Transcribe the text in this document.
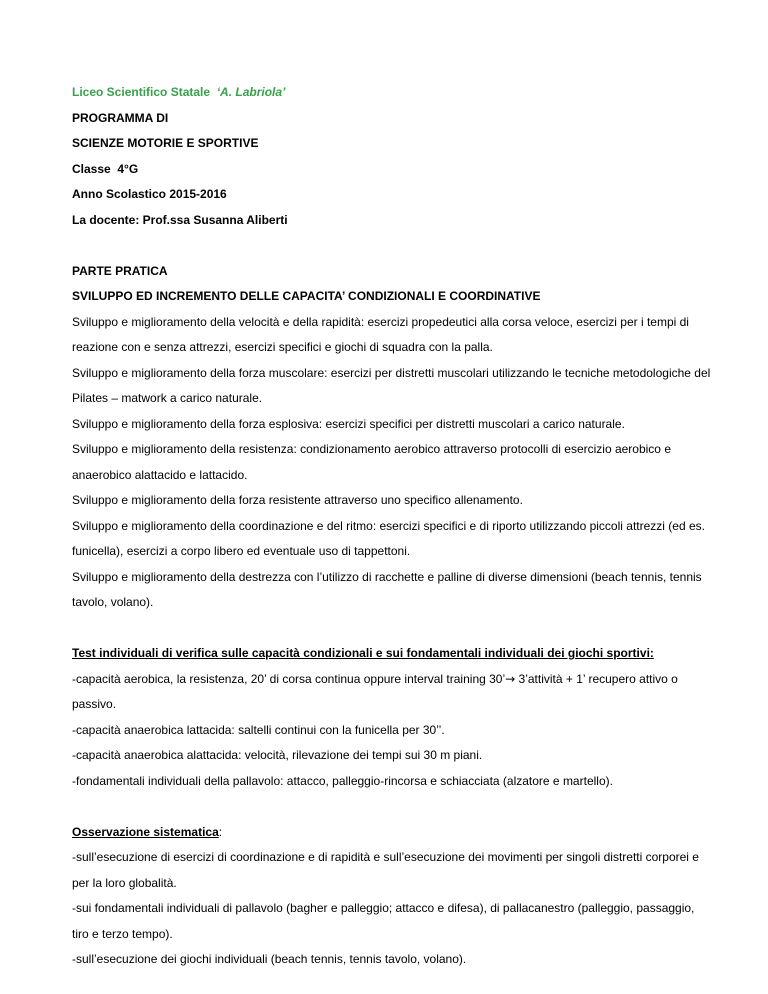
Liceo Scientifico Statale ‘A. Labriola’

PROGRAMMA DI

SCIENZE MOTORIE E SPORTIVE

Classe  4°G

Anno Scolastico 2015-2016

La docente: Prof.ssa Susanna Aliberti

PARTE PRATICA

SVILUPPO ED INCREMENTO DELLE CAPACITA’ CONDIZIONALI E COORDINATIVE

Sviluppo e miglioramento della velocità e della rapidità: esercizi propedeutici alla corsa veloce, esercizi per i tempi di reazione con e senza attrezzi, esercizi specifici e giochi di squadra con la palla.

Sviluppo e miglioramento della forza muscolare: esercizi per distretti muscolari utilizzando le tecniche metodologiche del Pilates – matwork a carico naturale.

Sviluppo e miglioramento della forza esplosiva: esercizi specifici per distretti muscolari a carico naturale.

Sviluppo e miglioramento della resistenza: condizionamento aerobico attraverso protocolli di esercizio aerobico e anaerobico alattacido e lattacido.

Sviluppo e miglioramento della forza resistente attraverso uno specifico allenamento.

Sviluppo e miglioramento della coordinazione e del ritmo: esercizi specifici e di riporto utilizzando piccoli attrezzi (ed es. funicella), esercizi a corpo libero ed eventuale uso di tappettoni.

Sviluppo e miglioramento della destrezza con l’utilizzo di racchette e palline di diverse dimensioni (beach tennis, tennis tavolo, volano).

Test individuali di verifica sulle capacità condizionali e sui fondamentali individuali dei giochi sportivi:

-capacità aerobica, la resistenza, 20’ di corsa continua oppure interval training 30’→ 3’attività + 1’ recupero attivo o passivo.

-capacità anaerobica lattacida: saltelli continui con la funicella per 30’’.

-capacità anaerobica alattacida: velocità, rilevazione dei tempi sui 30 m piani.

-fondamentali individuali della pallavolo: attacco, palleggio-rincorsa e schiacciata (alzatore e martello).

Osservazione sistematica:

-sull’esecuzione di esercizi di coordinazione e di rapidità e sull’esecuzione dei movimenti per singoli distretti corporei e per la loro globalità.

-sui fondamentali individuali di pallavolo (bagher e palleggio; attacco e difesa), di pallacanestro (palleggio, passaggio, tiro e terzo tempo).

-sull’esecuzione dei giochi individuali (beach tennis, tennis tavolo, volano).
